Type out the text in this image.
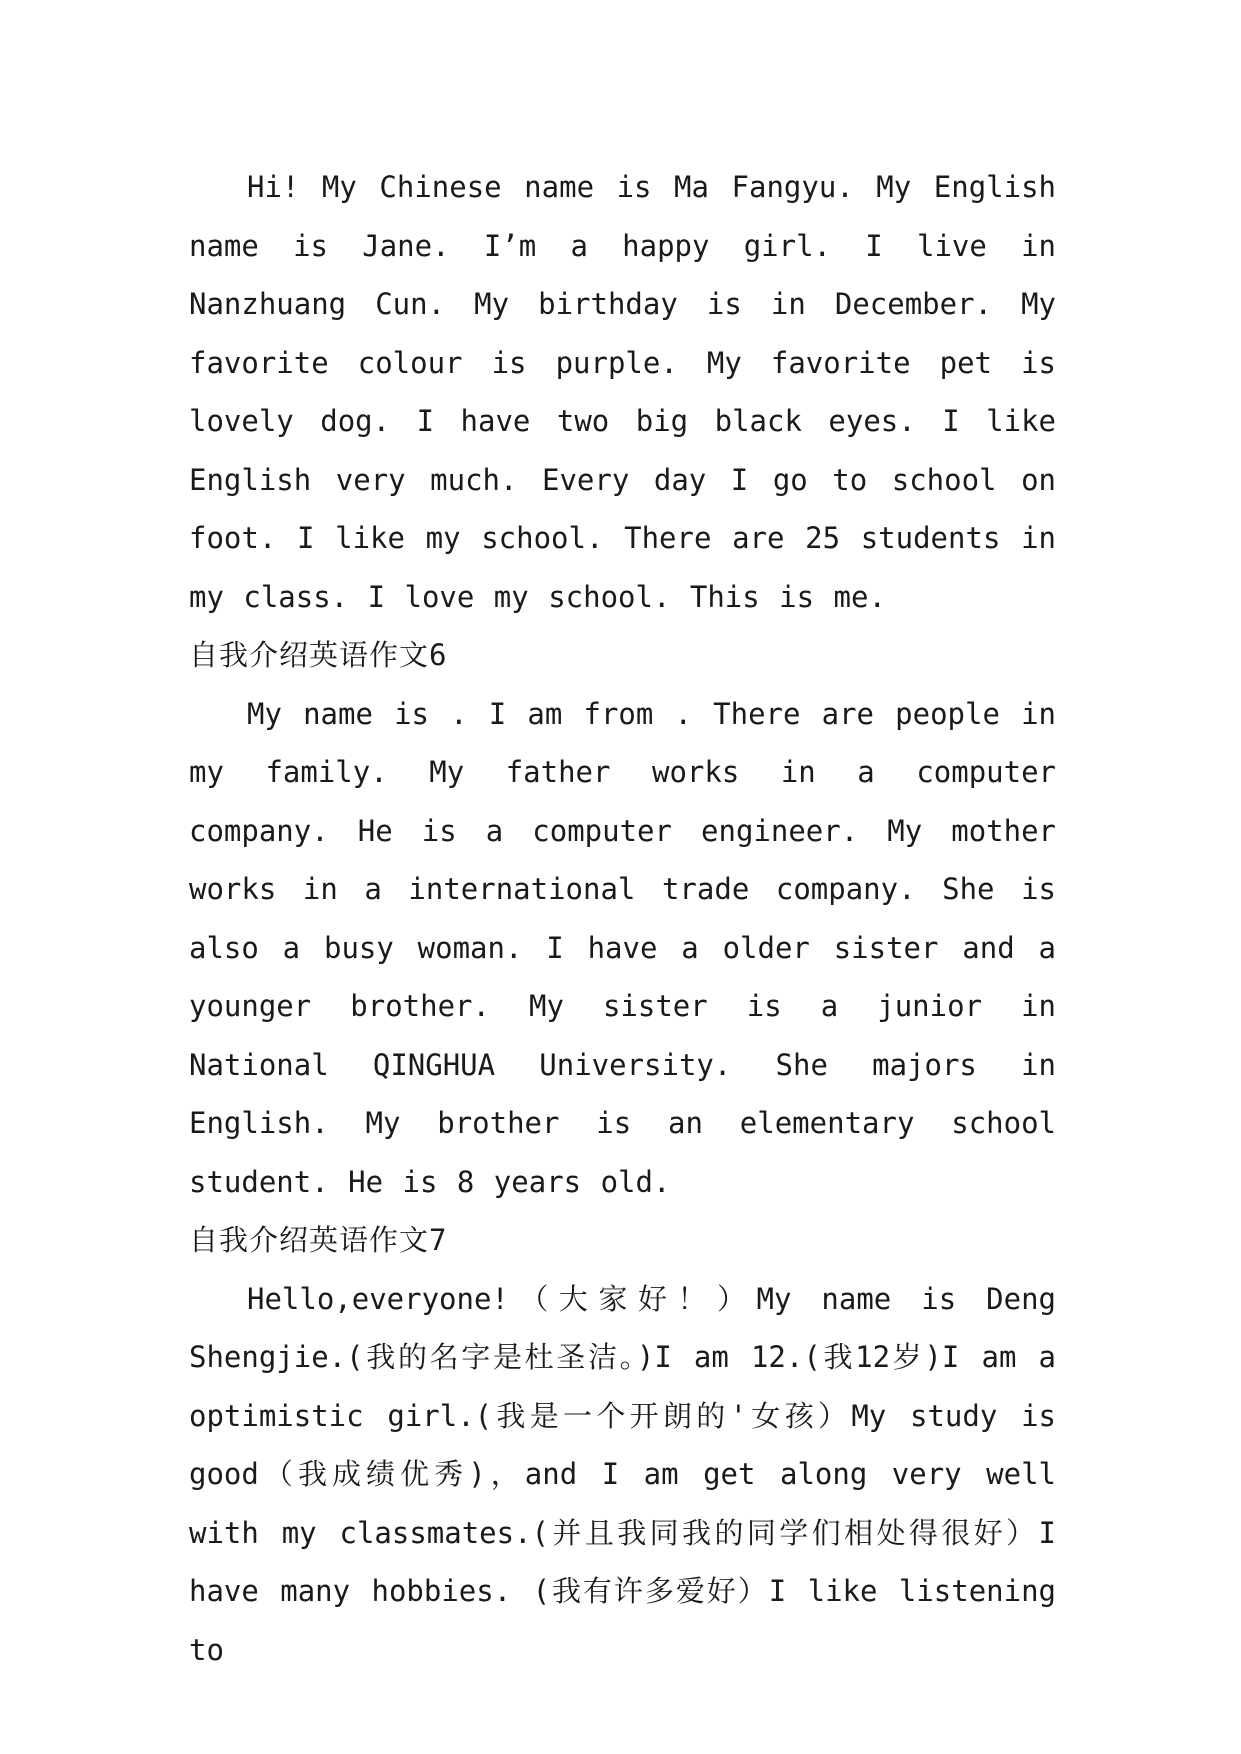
Hi! My Chinese name is Ma Fangyu. My English name is Jane. I’m a happy girl. I live in Nanzhuang Cun. My birthday is in December. My favorite colour is purple. My favorite pet is lovely dog. I have two big black eyes. I like English very much. Every day I go to school on foot. I like my school. There are 25 students in my class. I love my school. This is me.

自我介绍英语作文6

My name is . I am from . There are people in my family. My father works in a computer company. He is a computer engineer. My mother works in a international trade company. She is also a busy woman. I have a older sister and a younger brother. My sister is a junior in National QINGHUA University. She majors in English. My brother is an elementary school student. He is 8 years old.

自我介绍英语作文7

Hello,everyone!（大家好！）My name is Deng Shengjie.(我的名字是杜圣洁。)I am 12.(我12岁)I am a optimistic girl.(我是一个开朗的'女孩）My study is good（我成绩优秀)，and I am get along very well with my classmates.(并且我同我的同学们相处得很好）I have many hobbies. (我有许多爱好）I like listening to
